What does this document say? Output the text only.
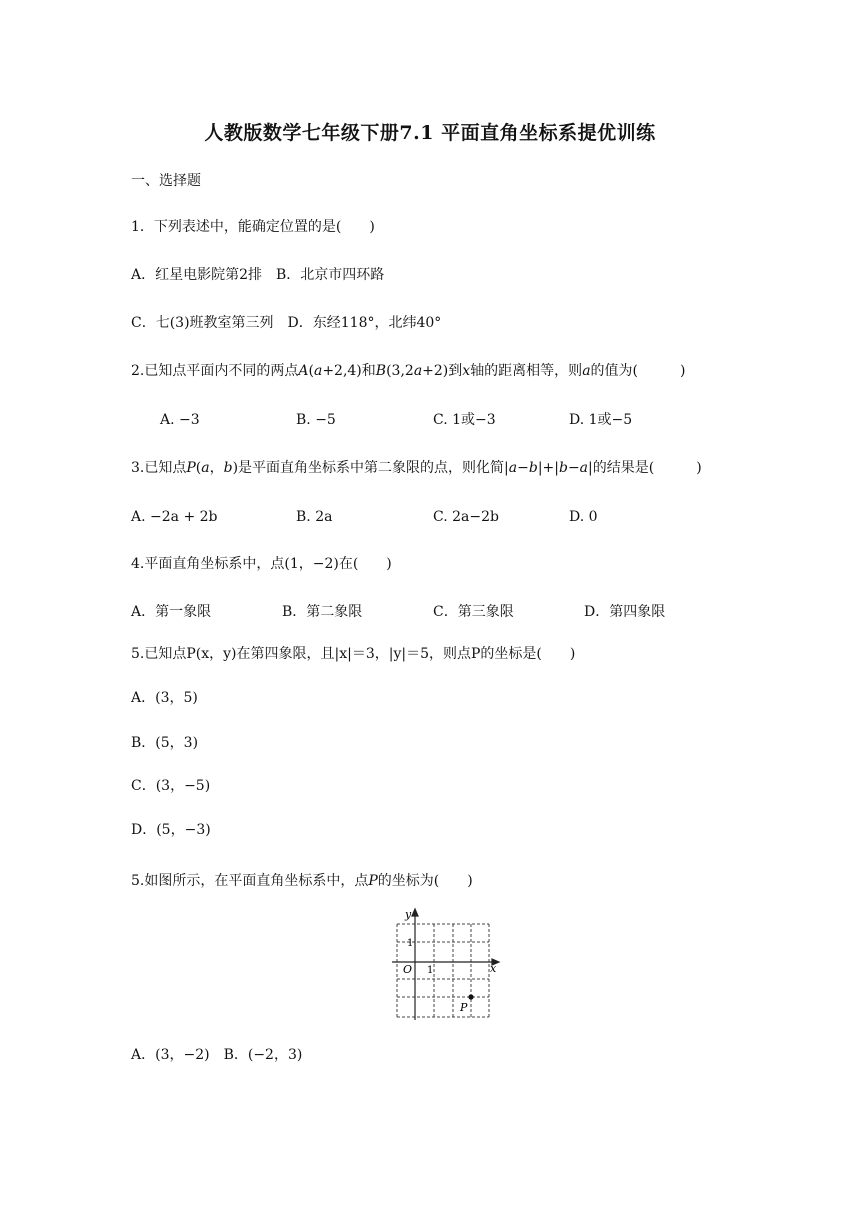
人教版数学七年级下册7.1 平面直角坐标系提优训练
一、选择题
1．下列表述中，能确定位置的是(　　)
A．红星电影院第2排　B．北京市四环路
C．七(3)班教室第三列　D．东经118°，北纬40°
2.已知点平面内不同的两点A(a+2,4)和B(3,2a+2)到x轴的距离相等，则a的值为(　　　)
A. −3	B. −5	C. 1或−3	D. 1或−5
3.已知点P(a，b)是平面直角坐标系中第二象限的点，则化简|a−b|+|b−a|的结果是(　　　)
A. −2a + 2b	B. 2a	C. 2a−2b	D. 0
4.平面直角坐标系中，点(1，−2)在(　　)
A．第一象限	B．第二象限	C．第三象限	D．第四象限
5.已知点P(x，y)在第四象限，且|x|＝3，|y|＝5，则点P的坐标是(　　)
A．(3，5)
B．(5，3)
C．(3，−5)
D．(5，−3)
5.如图所示，在平面直角坐标系中，点P的坐标为(　　)
y
x
O
1
1
P
A．(3，−2)　B．(−2，3)
